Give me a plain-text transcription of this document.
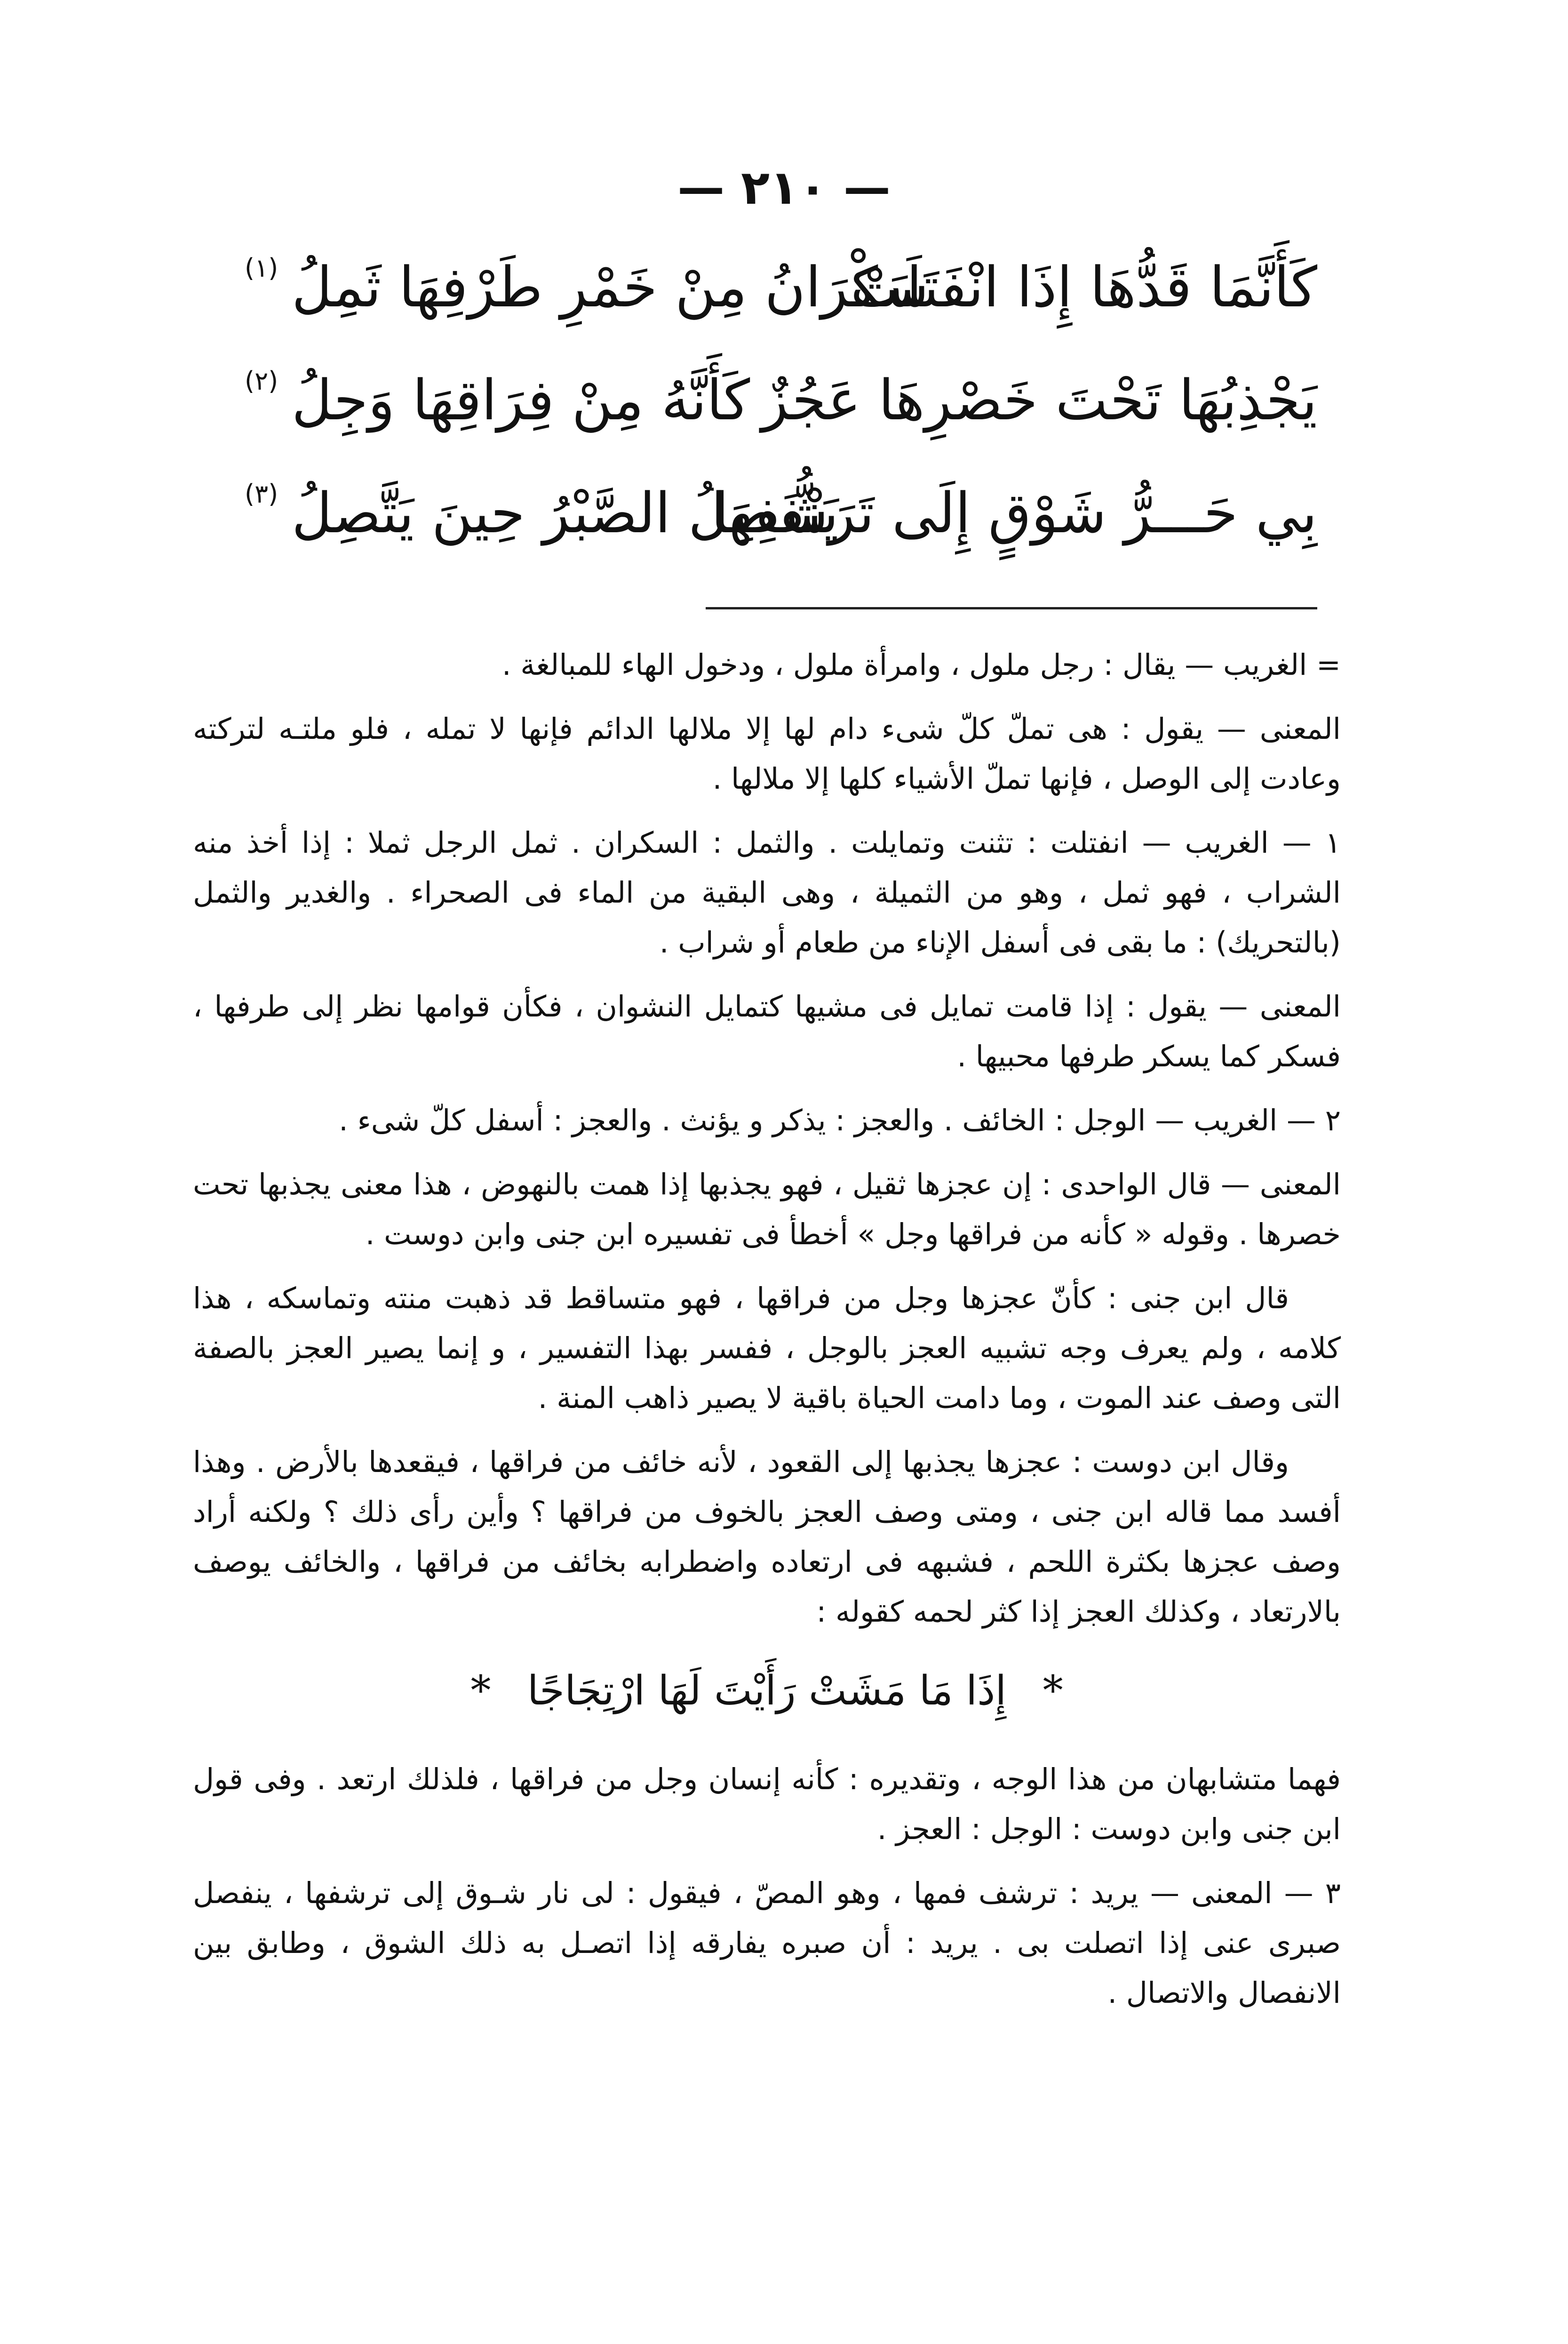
— ٢١٠ —
كَأَنَّمَا قَدُّهَا إِذَا انْفَتَلَتْ
سَكْرَانُ مِنْ خَمْرِ طَرْفِهَا ثَمِلُ
(١)
يَجْذِبُهَا تَحْتَ خَصْرِهَا عَجُزٌ
كَأَنَّهُ مِنْ فِرَاقِهَا وَجِلُ
(٢)
بِي حَـــرُّ شَوْقٍ إِلَى تَرَشُّفِهَا
يَنْفَصِلُ الصَّبْرُ حِينَ يَتَّصِلُ
(٣)

= الغريب — يقال : رجل ملول ، وامرأة ملول ، ودخول الهاء للمبالغة .

المعنى — يقول : هى تملّ كلّ شىء دام لها إلا ملالها الدائم فإنها لا تمله ، فلو ملتـه لتركته وعادت إلى الوصل ، فإنها تملّ الأشياء كلها إلا ملالها .

١ — الغريب — انفتلت : تثنت وتمايلت . والثمل : السكران . ثمل الرجل ثملا : إذا أخذ منه الشراب ، فهو ثمل ، وهو من الثميلة ، وهى البقية من الماء فى الصحراء . والغدير والثمل (بالتحريك) : ما بقى فى أسفل الإناء من طعام أو شراب .

المعنى — يقول : إذا قامت تمايل فى مشيها كتمايل النشوان ، فكأن قوامها نظر إلى طرفها ، فسكر كما يسكر طرفها محبيها .

٢ — الغريب — الوجل : الخائف . والعجز : يذكر و يؤنث . والعجز : أسفل كلّ شىء .

المعنى — قال الواحدى : إن عجزها ثقيل ، فهو يجذبها إذا همت بالنهوض ، هذا معنى يجذبها تحت خصرها . وقوله « كأنه من فراقها وجل » أخطأ فى تفسيره ابن جنى وابن دوست .

قال ابن جنى : كأنّ عجزها وجل من فراقها ، فهو متساقط قد ذهبت منته وتماسكه ، هذا كلامه ، ولم يعرف وجه تشبيه العجز بالوجل ، ففسر بهذا التفسير ، و إنما يصير العجز بالصفة التى وصف عند الموت ، وما دامت الحياة باقية لا يصير ذاهب المنة .

وقال ابن دوست : عجزها يجذبها إلى القعود ، لأنه خائف من فراقها ، فيقعدها بالأرض . وهذا أفسد مما قاله ابن جنى ، ومتى وصف العجز بالخوف من فراقها ؟ وأين رأى ذلك ؟ ولكنه أراد وصف عجزها بكثرة اللحم ، فشبهه فى ارتعاده واضطرابه بخائف من فراقها ، والخائف يوصف بالارتعاد ، وكذلك العجز إذا كثر لحمه كقوله :

* إِذَا مَا مَشَتْ رَأَيْتَ لَهَا ارْتِجَاجًا *

فهما متشابهان من هذا الوجه ، وتقديره : كأنه إنسان وجل من فراقها ، فلذلك ارتعد . وفى قول ابن جنى وابن دوست : الوجل : العجز .

٣ — المعنى — يريد : ترشف فمها ، وهو المصّ ، فيقول : لى نار شـوق إلى ترشفها ، ينفصل صبرى عنى إذا اتصلت بى . يريد : أن صبره يفارقه إذا اتصـل به ذلك الشوق ، وطابق بين الانفصال والاتصال .
